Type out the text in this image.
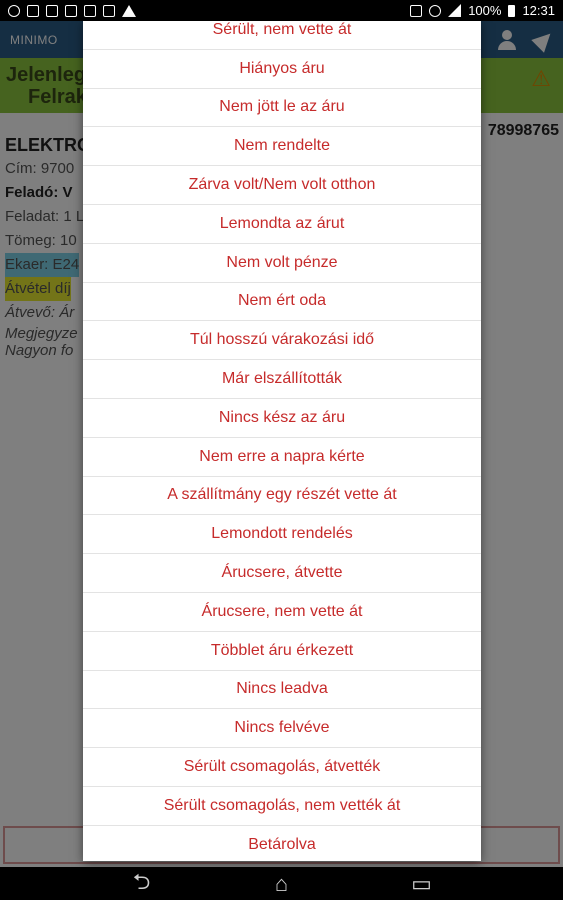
100% 12:31
Sérült, nem vette át
Hiányos áru
Nem jött le az áru
Nem rendelte
Zárva volt/Nem volt otthon
Lemondta az árut
Nem volt pénze
Nem ért oda
Túl hosszú várakozási idő
Már elszállították
Nincs kész az áru
Nem erre a napra kérte
A szállítmány egy részét vette át
Lemondott rendelés
Árucsere, átvette
Árucsere, nem vette át
Többlet áru érkezett
Nincs leadva
Nincs felvéve
Sérült csomagolás, átvették
Sérült csomagolás, nem vették át
Betárolva
⮌	⌂	▭
